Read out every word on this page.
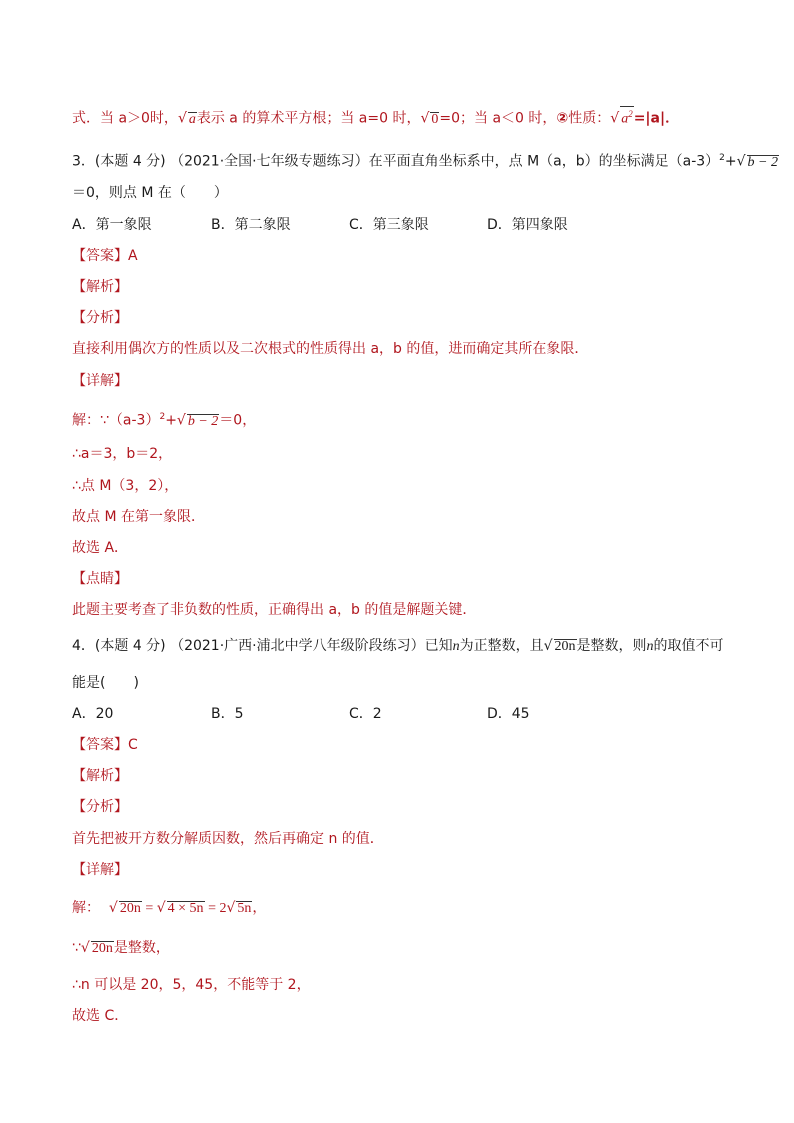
式．当 a＞0时，√ a表示 a 的算术平方根；当 a=0 时，√ 0=0；当 a＜0 时，②性质：√ $a^2=|a|$．
3．(本题 4 分) （2021·全国·七年级专题练习）在平面直角坐标系中，点 M（a，b）的坐标满足$(a-3)^2+√$ b − 2
＝0，则点 M 在（　　）
A．第一象限	B．第二象限	C．第三象限	D．第四象限
【答案】A
【解析】
【分析】
直接利用偶次方的性质以及二次根式的性质得出 a，b 的值，进而确定其所在象限．
【详解】
解：$\because(a-3)^2+√$ b − 2＝0，
∴a＝3，b＝2，
∴点 M（3，2），
故点 M 在第一象限．
故选 A．
【点睛】
此题主要考查了非负数的性质，正确得出 a，b 的值是解题关键．
4．(本题 4 分) （2021·广西·浦北中学八年级阶段练习）已知n为正整数，且√ 20n是整数，则n的取值不可
能是(　　)
A．20	B．5	C．2	D．45
【答案】C
【解析】
【分析】
首先把被开方数分解质因数，然后再确定 n 的值．
【详解】
解： √ 20n = √ 4 × 5n = 2√ 5n，
∵√ 20n是整数，
∴n 可以是 20，5，45，不能等于 2，
故选 C．
